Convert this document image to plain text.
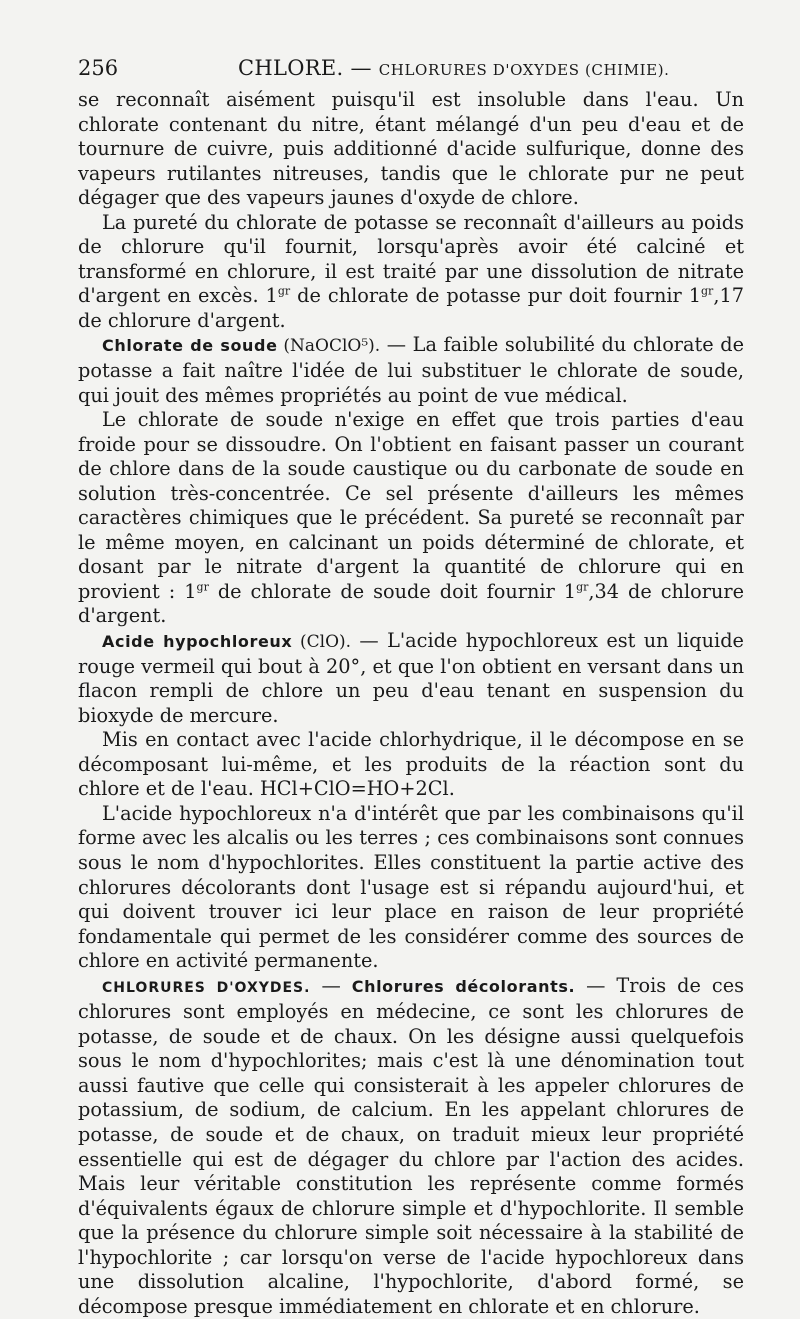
256	CHLORE. — CHLORURES D'OXYDES (CHIMIE).

se reconnaît aisément puisqu'il est insoluble dans l'eau. Un chlorate contenant du nitre, étant mélangé d'un peu d'eau et de tournure de cuivre, puis additionné d'acide sulfurique, donne des vapeurs rutilantes nitreuses, tandis que le chlorate pur ne peut dégager que des vapeurs jaunes d'oxyde de chlore.

La pureté du chlorate de potasse se reconnaît d'ailleurs au poids de chlorure qu'il fournit, lorsqu'après avoir été calciné et transformé en chlorure, il est traité par une dissolution de nitrate d'argent en excès. $1^{gr}$ de chlorate de potasse pur doit fournir $1^{gr},17$ de chlorure d'argent.

Chlorate de soude (NaOClO⁵). — La faible solubilité du chlorate de potasse a fait naître l'idée de lui substituer le chlorate de soude, qui jouit des mêmes propriétés au point de vue médical.

Le chlorate de soude n'exige en effet que trois parties d'eau froide pour se dissoudre. On l'obtient en faisant passer un courant de chlore dans de la soude caustique ou du carbonate de soude en solution très-concentrée. Ce sel présente d'ailleurs les mêmes caractères chimiques que le précédent. Sa pureté se reconnaît par le même moyen, en calcinant un poids déterminé de chlorate, et dosant par le nitrate d'argent la quantité de chlorure qui en provient : $1^{gr}$ de chlorate de soude doit fournir $1^{gr},34$ de chlorure d'argent.

Acide hypochloreux (ClO). — L'acide hypochloreux est un liquide rouge vermeil qui bout à 20°, et que l'on obtient en versant dans un flacon rempli de chlore un peu d'eau tenant en suspension du bioxyde de mercure.

Mis en contact avec l'acide chlorhydrique, il le décompose en se décomposant lui-même, et les produits de la réaction sont du chlore et de l'eau. HCl+ClO=HO+2Cl.

L'acide hypochloreux n'a d'intérêt que par les combinaisons qu'il forme avec les alcalis ou les terres ; ces combinaisons sont connues sous le nom d'hypochlorites. Elles constituent la partie active des chlorures décolorants dont l'usage est si répandu aujourd'hui, et qui doivent trouver ici leur place en raison de leur propriété fondamentale qui permet de les considérer comme des sources de chlore en activité permanente.

CHLORURES D'OXYDES. — Chlorures décolorants. — Trois de ces chlorures sont employés en médecine, ce sont les chlorures de potasse, de soude et de chaux. On les désigne aussi quelquefois sous le nom d'hypochlorites; mais c'est là une dénomination tout aussi fautive que celle qui consisterait à les appeler chlorures de potassium, de sodium, de calcium. En les appelant chlorures de potasse, de soude et de chaux, on traduit mieux leur propriété essentielle qui est de dégager du chlore par l'action des acides. Mais leur véritable constitution les représente comme formés d'équivalents égaux de chlorure simple et d'hypochlorite. Il semble que la présence du chlorure simple soit nécessaire à la stabilité de l'hypochlorite ; car lorsqu'on verse de l'acide hypochloreux dans une dissolution alcaline, l'hypochlorite, d'abord formé, se décompose presque immédiatement en chlorate et en chlorure.
